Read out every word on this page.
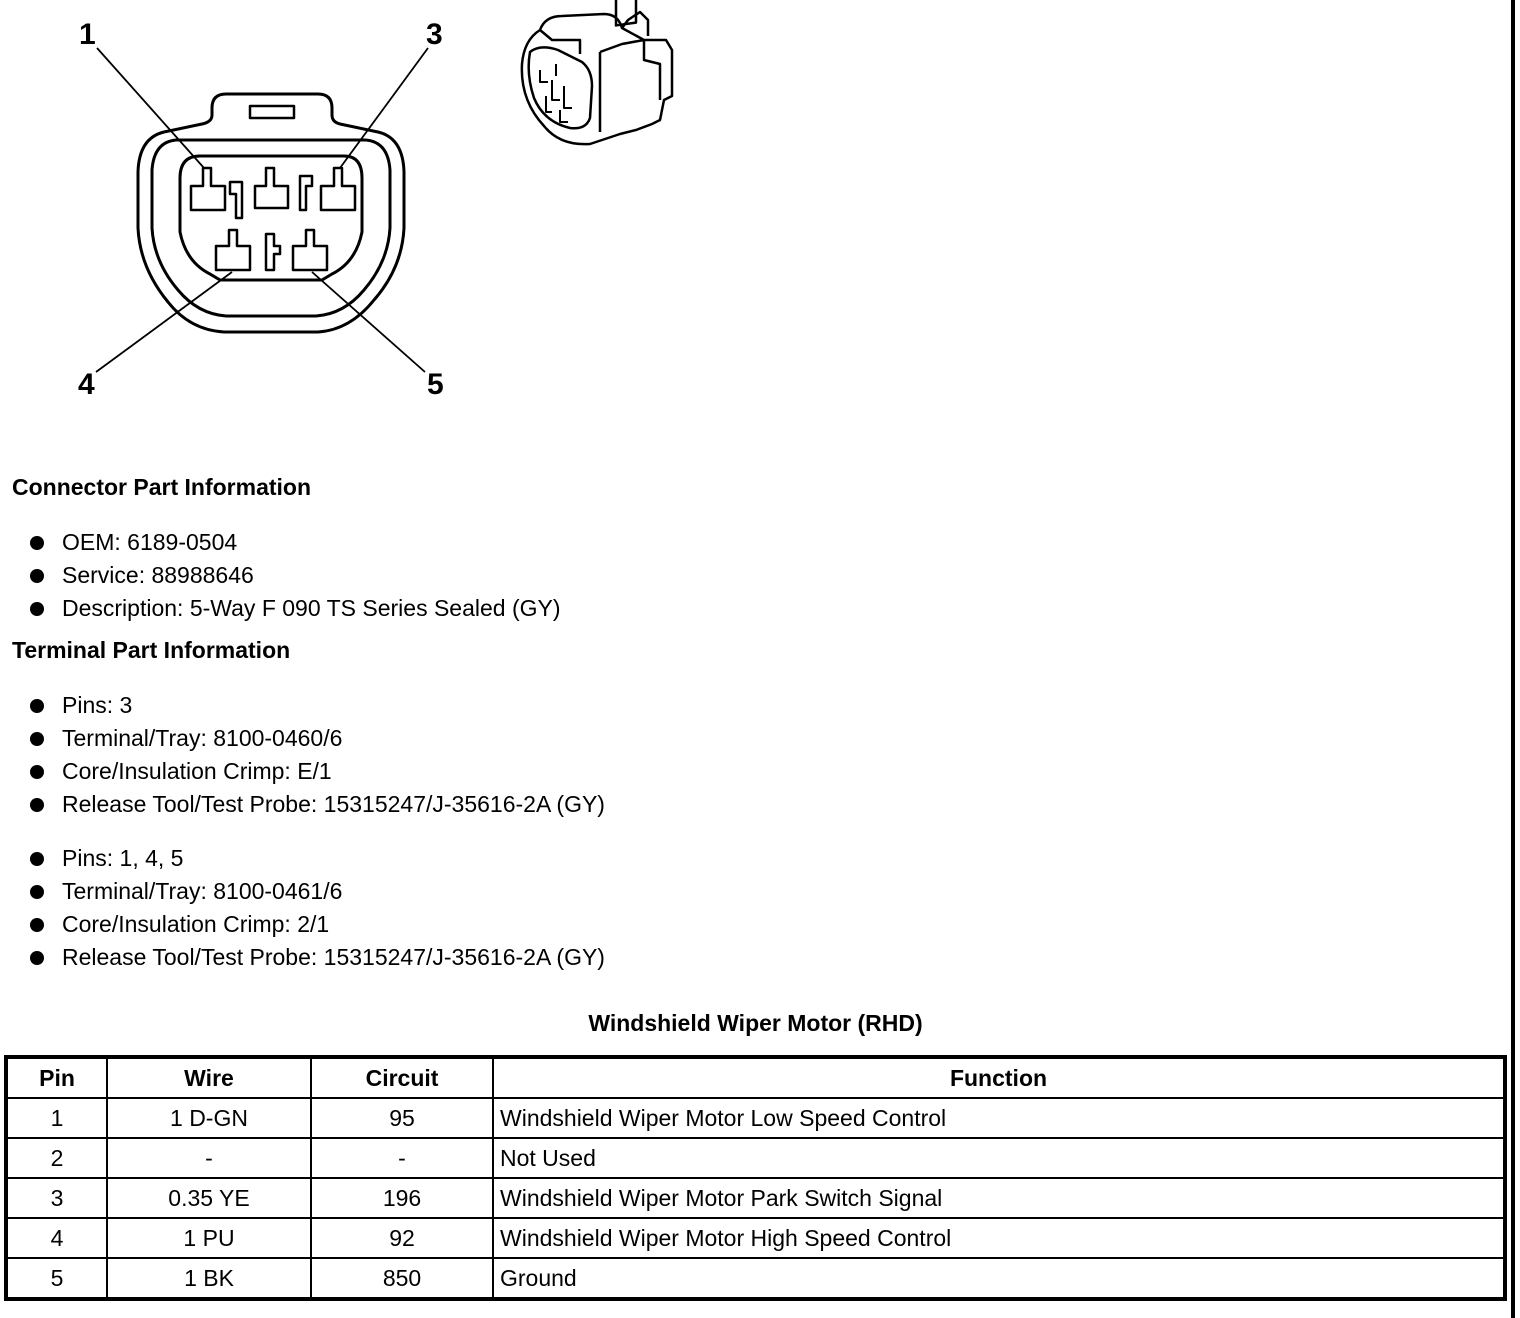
1	3
4	5
Connector Part Information
OEM: 6189-0504
Service: 88988646
Description: 5-Way F 090 TS Series Sealed (GY)
Terminal Part Information
Pins: 3
Terminal/Tray: 8100-0460/6
Core/Insulation Crimp: E/1
Release Tool/Test Probe: 15315247/J-35616-2A (GY)
Pins: 1, 4, 5
Terminal/Tray: 8100-0461/6
Core/Insulation Crimp: 2/1
Release Tool/Test Probe: 15315247/J-35616-2A (GY)
Windshield Wiper Motor (RHD)
Pin	Wire	Circuit	Function
1	1 D-GN	95	Windshield Wiper Motor Low Speed Control
2	-	-	Not Used
3	0.35 YE	196	Windshield Wiper Motor Park Switch Signal
4	1 PU	92	Windshield Wiper Motor High Speed Control
5	1 BK	850	Ground
